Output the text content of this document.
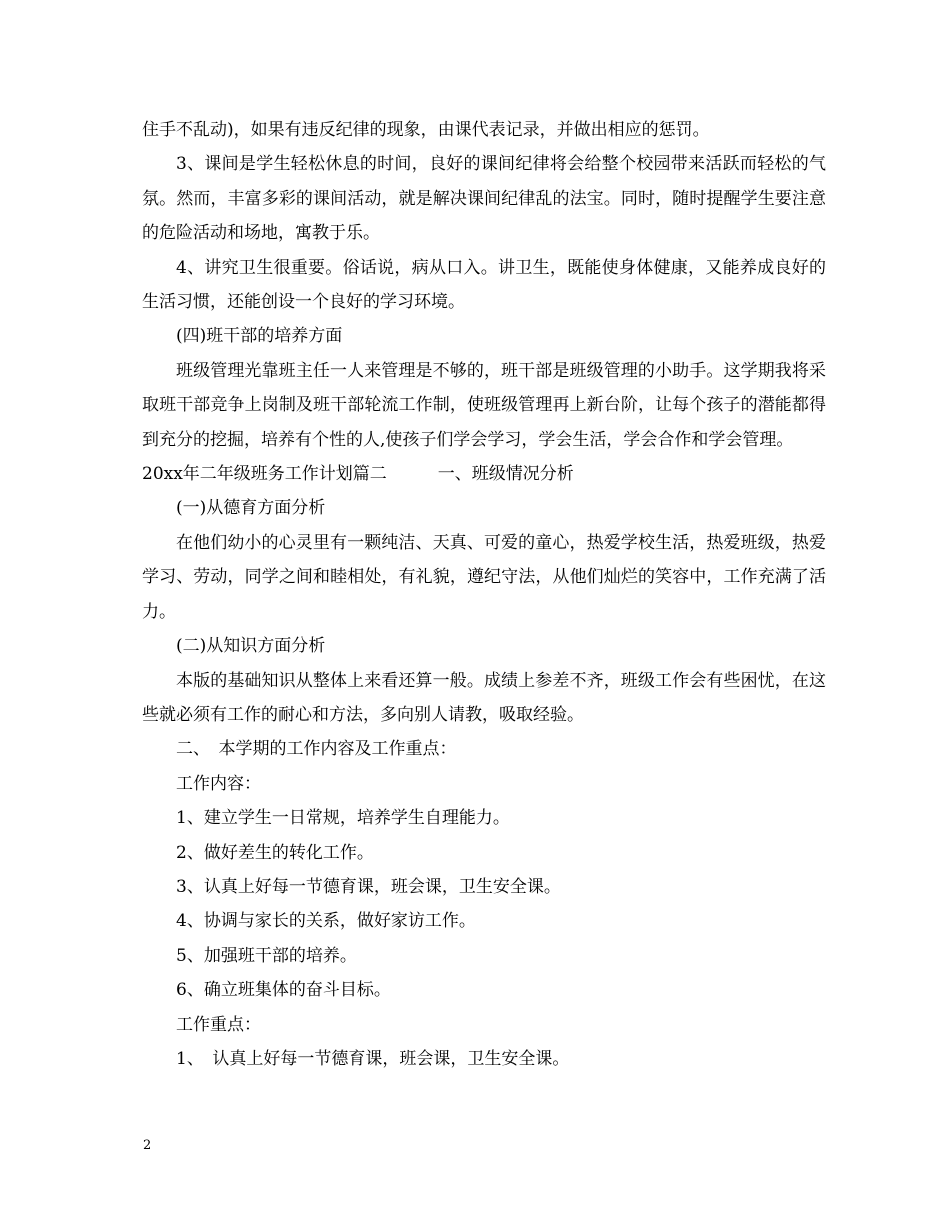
住手不乱动)，如果有违反纪律的现象，由课代表记录，并做出相应的惩罚。

3、课间是学生轻松休息的时间，良好的课间纪律将会给整个校园带来活跃而轻松的气氛。然而，丰富多彩的课间活动，就是解决课间纪律乱的法宝。同时，随时提醒学生要注意的危险活动和场地，寓教于乐。

4、讲究卫生很重要。俗话说，病从口入。讲卫生，既能使身体健康，又能养成良好的生活习惯，还能创设一个良好的学习环境。

(四)班干部的培养方面

班级管理光靠班主任一人来管理是不够的，班干部是班级管理的小助手。这学期我将采取班干部竞争上岗制及班干部轮流工作制，使班级管理再上新台阶，让每个孩子的潜能都得到充分的挖掘，培养有个性的人,使孩子们学会学习，学会生活，学会合作和学会管理。

20xx年二年级班务工作计划篇二　　　一、班级情况分析

(一)从德育方面分析

在他们幼小的心灵里有一颗纯洁、天真、可爱的童心，热爱学校生活，热爱班级，热爱学习、劳动，同学之间和睦相处，有礼貌，遵纪守法，从他们灿烂的笑容中，工作充满了活力。

(二)从知识方面分析

本版的基础知识从整体上来看还算一般。成绩上参差不齐，班级工作会有些困忧，在这些就必须有工作的耐心和方法，多向别人请教，吸取经验。

二、　本学期的工作内容及工作重点：

工作内容：

1、建立学生一日常规，培养学生自理能力。

2、做好差生的转化工作。

3、认真上好每一节德育课，班会课，卫生安全课。

4、协调与家长的关系，做好家访工作。

5、加强班干部的培养。

6、确立班集体的奋斗目标。

工作重点：

1、　认真上好每一节德育课，班会课，卫生安全课。

2
